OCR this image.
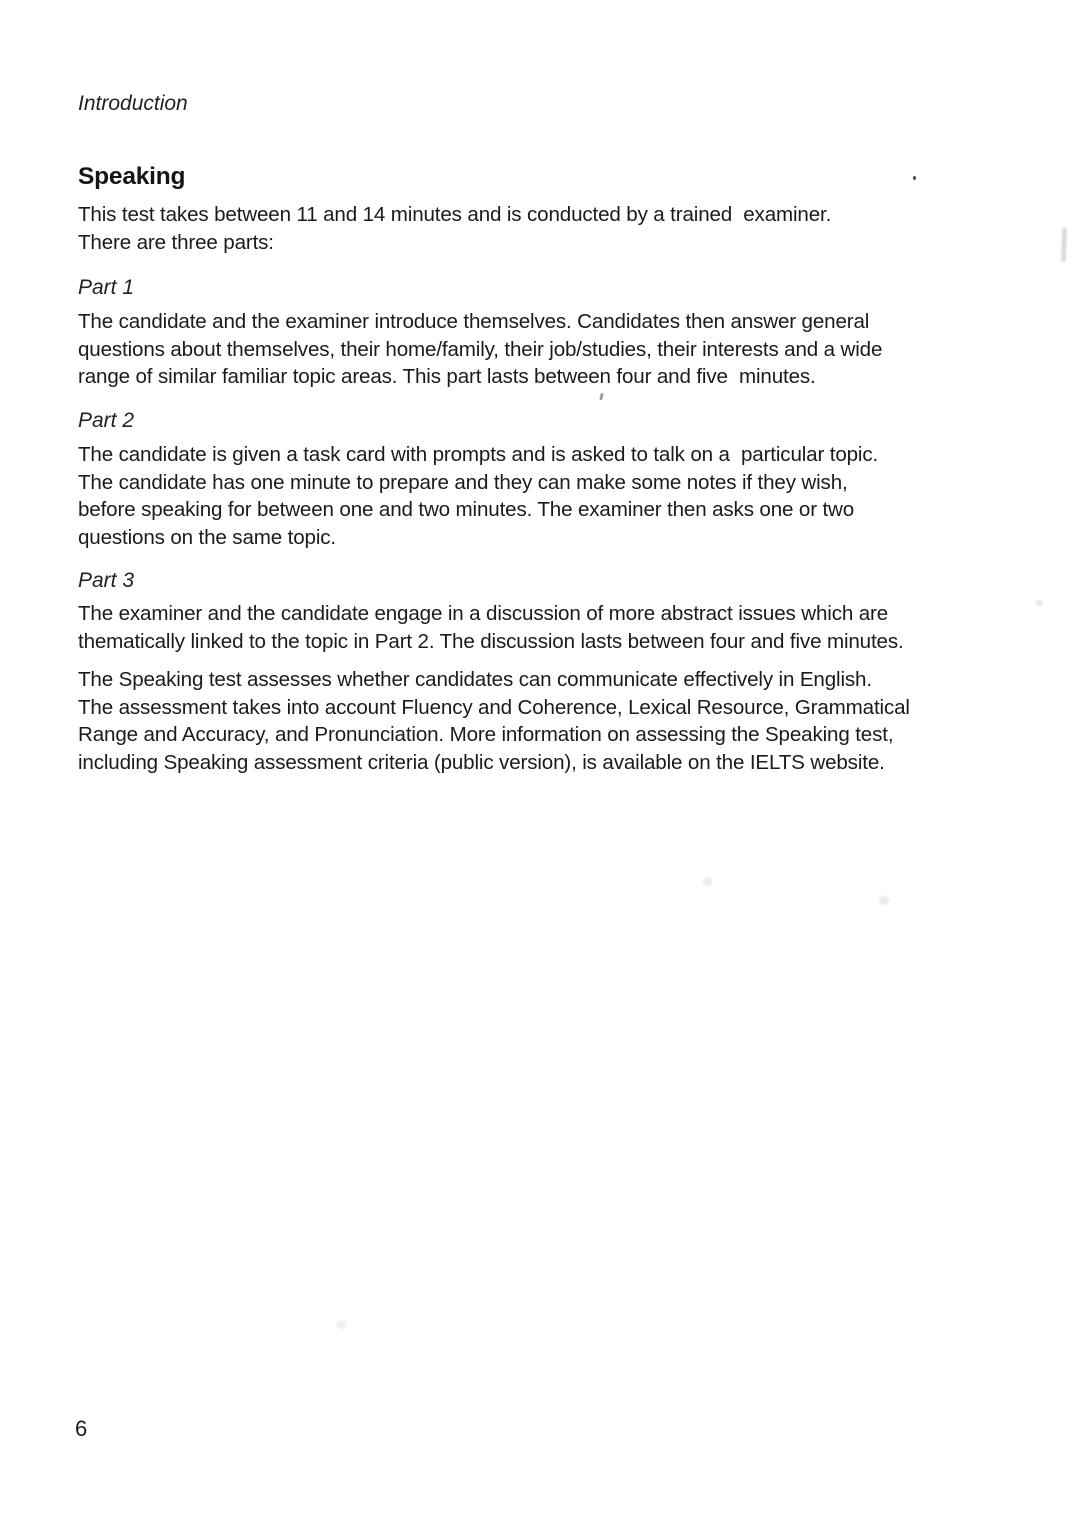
Introduction
Speaking
This test takes between 11 and 14 minutes and is conducted by a trained  examiner.
There are three parts:
Part 1
The candidate and the examiner introduce themselves. Candidates then answer general
questions about themselves, their home/family, their job/studies, their interests and a wide
range of similar familiar topic areas. This part lasts between four and five  minutes.
Part 2
The candidate is given a task card with prompts and is asked to talk on a  particular topic.
The candidate has one minute to prepare and they can make some notes if they wish,
before speaking for between one and two minutes. The examiner then asks one or two
questions on the same topic.
Part 3
The examiner and the candidate engage in a discussion of more abstract issues which are
thematically linked to the topic in Part 2. The discussion lasts between four and five minutes.
The Speaking test assesses whether candidates can communicate effectively in English.
The assessment takes into account Fluency and Coherence, Lexical Resource, Grammatical
Range and Accuracy, and Pronunciation. More information on assessing the Speaking test,
including Speaking assessment criteria (public version), is available on the IELTS website.
6
